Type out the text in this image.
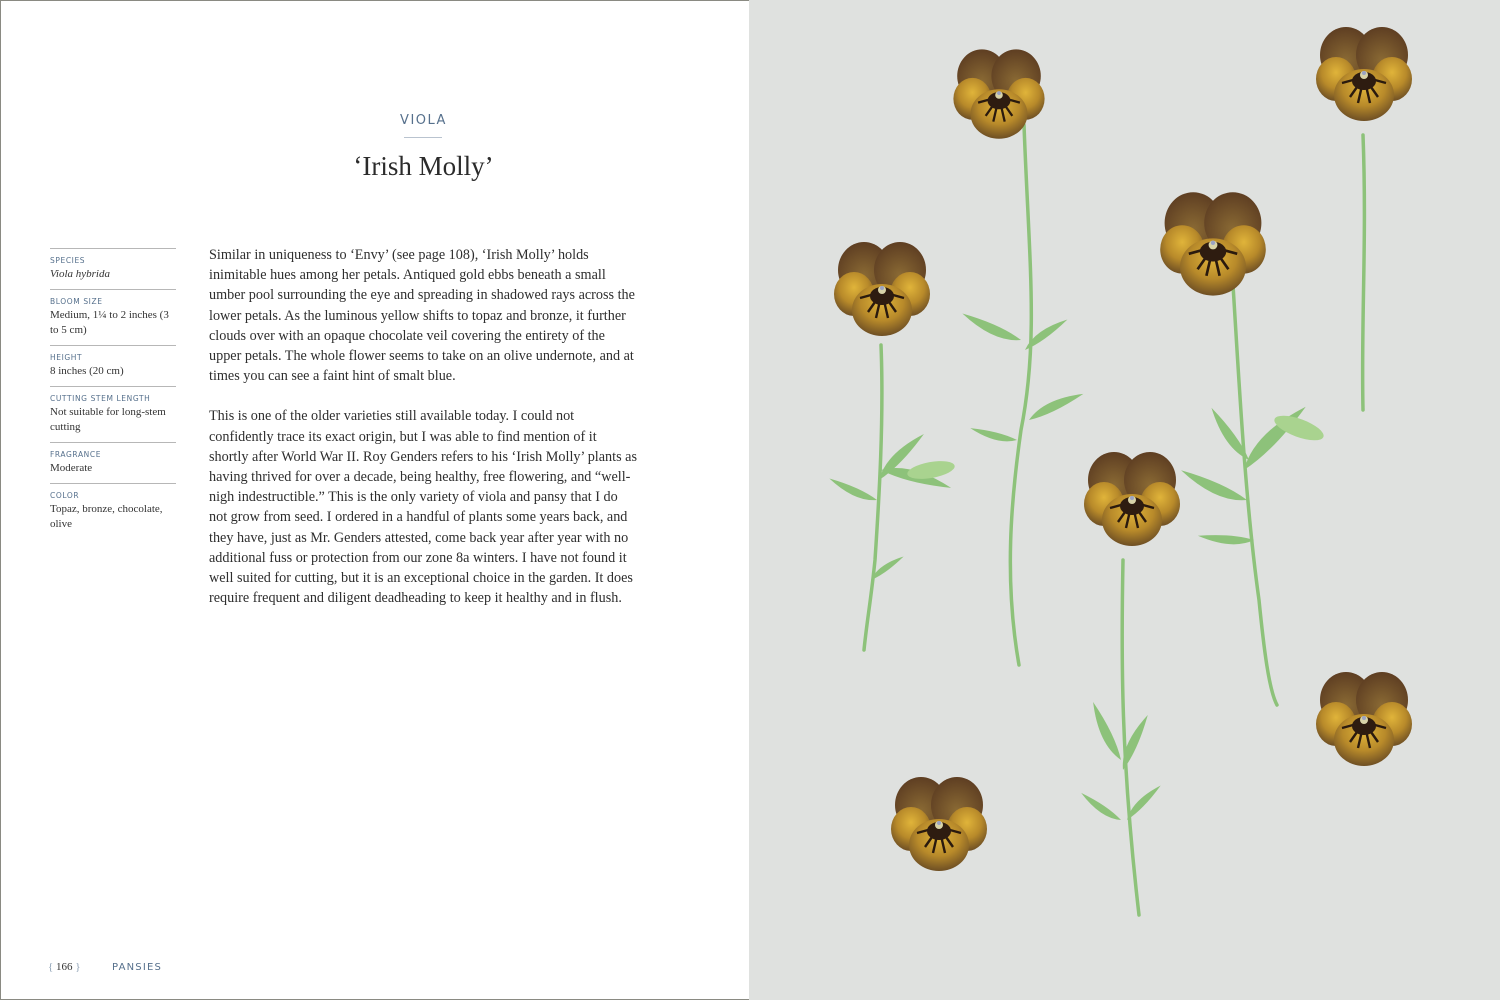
VIOLA
‘Irish Molly’
SPECIES
Viola hybrida
BLOOM SIZE
Medium, 1¼ to 2 inches (3 to 5 cm)
HEIGHT
8 inches (20 cm)
CUTTING STEM LENGTH
Not suitable for long-stem cutting
FRAGRANCE
Moderate
COLOR
Topaz, bronze, chocolate, olive

Similar in uniqueness to ‘Envy’ (see page 108), ‘Irish Molly’ holds inimitable hues among her petals. Antiqued gold ebbs beneath a small umber pool surrounding the eye and spreading in shadowed rays across the lower petals. As the luminous yellow shifts to topaz and bronze, it further clouds over with an opaque chocolate veil covering the entirety of the upper petals. The whole flower seems to take on an olive undernote, and at times you can see a faint hint of smalt blue.

This is one of the older varieties still available today. I could not confidently trace its exact origin, but I was able to find mention of it shortly after World War II. Roy Genders refers to his ‘Irish Molly’ plants as having thrived for over a decade, being healthy, free flowering, and “well-nigh indestructible.” This is the only variety of viola and pansy that I do not grow from seed. I ordered in a handful of plants some years back, and they have, just as Mr. Genders attested, come back year after year with no additional fuss or protection from our zone 8a winters. I have not found it well suited for cutting, but it is an exceptional choice in the garden. It does require frequent and diligent deadheading to keep it healthy and in flush.

{ 166 }	PANSIES
